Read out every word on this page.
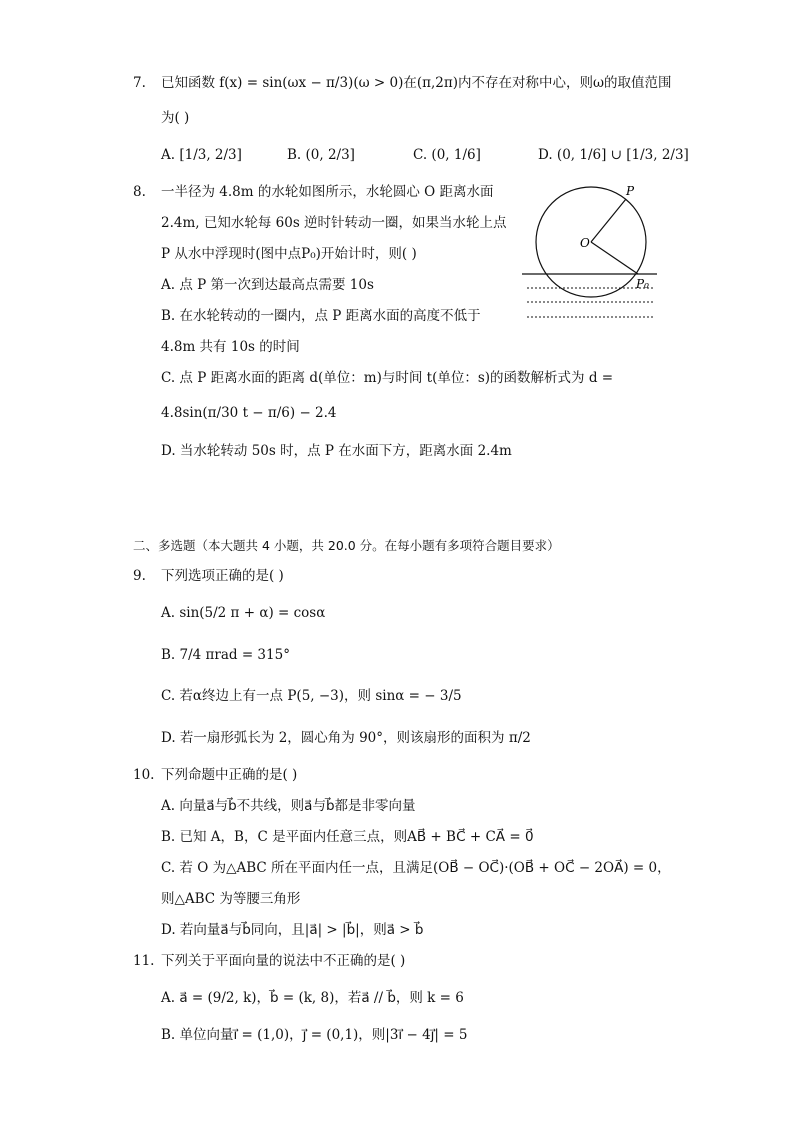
7. 已知函数 f(x) = sin(ωx − π/3)(ω > 0)在(π,2π)内不存在对称中心，则ω的取值范围
为( )
A. [1/3, 2/3]	B. (0, 2/3]	C. (0, 1/6]	D. (0, 1/6] ∪ [1/3, 2/3]
8. 一半径为 4.8m 的水轮如图所示，水轮圆心 O 距离水面
2.4m, 已知水轮每 60s 逆时针转动一圈，如果当水轮上点
P 从水中浮现时(图中点P₀)开始计时，则( )
A. 点 P 第一次到达最高点需要 10s
B. 在水轮转动的一圈内，点 P 距离水面的高度不低于
4.8m 共有 10s 的时间
C. 点 P 距离水面的距离 d(单位：m)与时间 t(单位：s)的函数解析式为 d =
4.8sin(π/30 t − π/6) − 2.4
D. 当水轮转动 50s 时，点 P 在水面下方，距离水面 2.4m
P
O
P₀
二、多选题（本大题共 4 小题，共 20.0 分。在每小题有多项符合题目要求）
9. 下列选项正确的是( )
A. sin(5/2 π + α) = cosα
B. 7/4 πrad = 315°
C. 若α终边上有一点 P(5, −3)，则 sinα = − 3/5
D. 若一扇形弧长为 2，圆心角为 90°，则该扇形的面积为 π/2
10. 下列命题中正确的是( )
A. 向量a⃗与b⃗不共线，则a⃗与b⃗都是非零向量
B. 已知 A，B，C 是平面内任意三点，则AB⃗ + BC⃗ + CA⃗ = 0⃗
C. 若 O 为△ABC 所在平面内任一点，且满足(OB⃗ − OC⃗)·(OB⃗ + OC⃗ − 2OA⃗) = 0，
则△ABC 为等腰三角形
D. 若向量a⃗与b⃗同向，且|a⃗| > |b⃗|，则a⃗ > b⃗
11. 下列关于平面向量的说法中不正确的是( )
A. a⃗ = (9/2, k)，b⃗ = (k, 8)，若a⃗ // b⃗，则 k = 6
B. 单位向量i⃗ = (1,0)，j⃗ = (0,1)，则|3i⃗ − 4j⃗| = 5
